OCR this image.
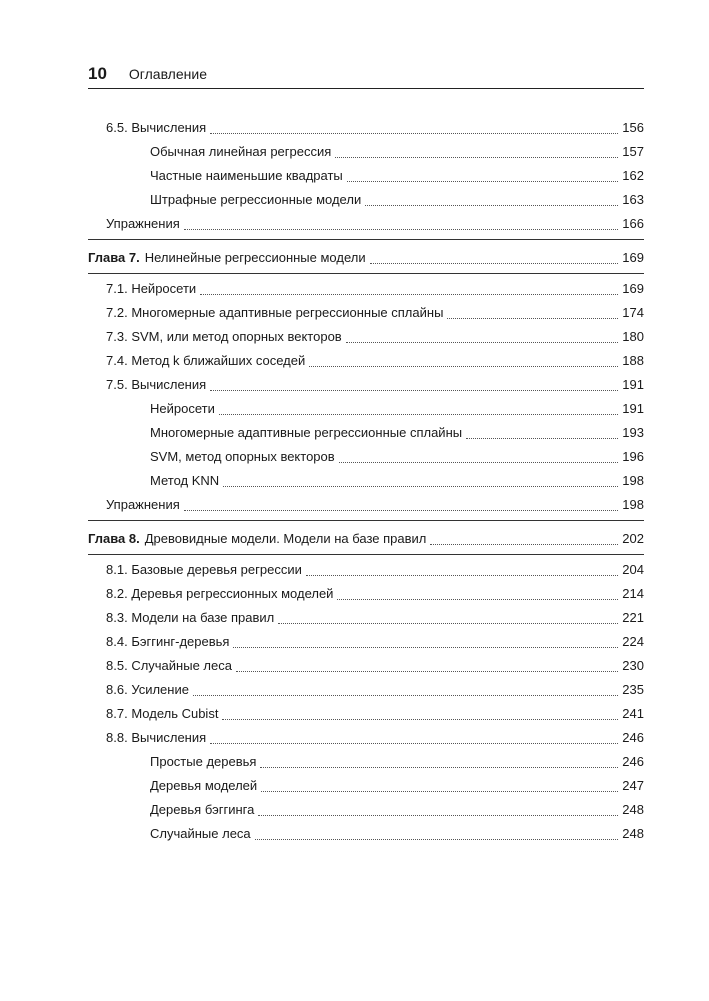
10 Оглавление
6.5. Вычисления	156
Обычная линейная регрессия	157
Частные наименьшие квадраты	162
Штрафные регрессионные модели	163
Упражнения	166
Глава 7. Нелинейные регрессионные модели	169
7.1. Нейросети	169
7.2. Многомерные адаптивные регрессионные сплайны	174
7.3. SVM, или метод опорных векторов	180
7.4. Метод k ближайших соседей	188
7.5. Вычисления	191
Нейросети	191
Многомерные адаптивные регрессионные сплайны	193
SVM, метод опорных векторов	196
Метод KNN	198
Упражнения	198
Глава 8. Древовидные модели. Модели на базе правил	202
8.1. Базовые деревья регрессии	204
8.2. Деревья регрессионных моделей	214
8.3. Модели на базе правил	221
8.4. Бэггинг-деревья	224
8.5. Случайные леса	230
8.6. Усиление	235
8.7. Модель Cubist	241
8.8. Вычисления	246
Простые деревья	246
Деревья моделей	247
Деревья бэггинга	248
Случайные леса	248
